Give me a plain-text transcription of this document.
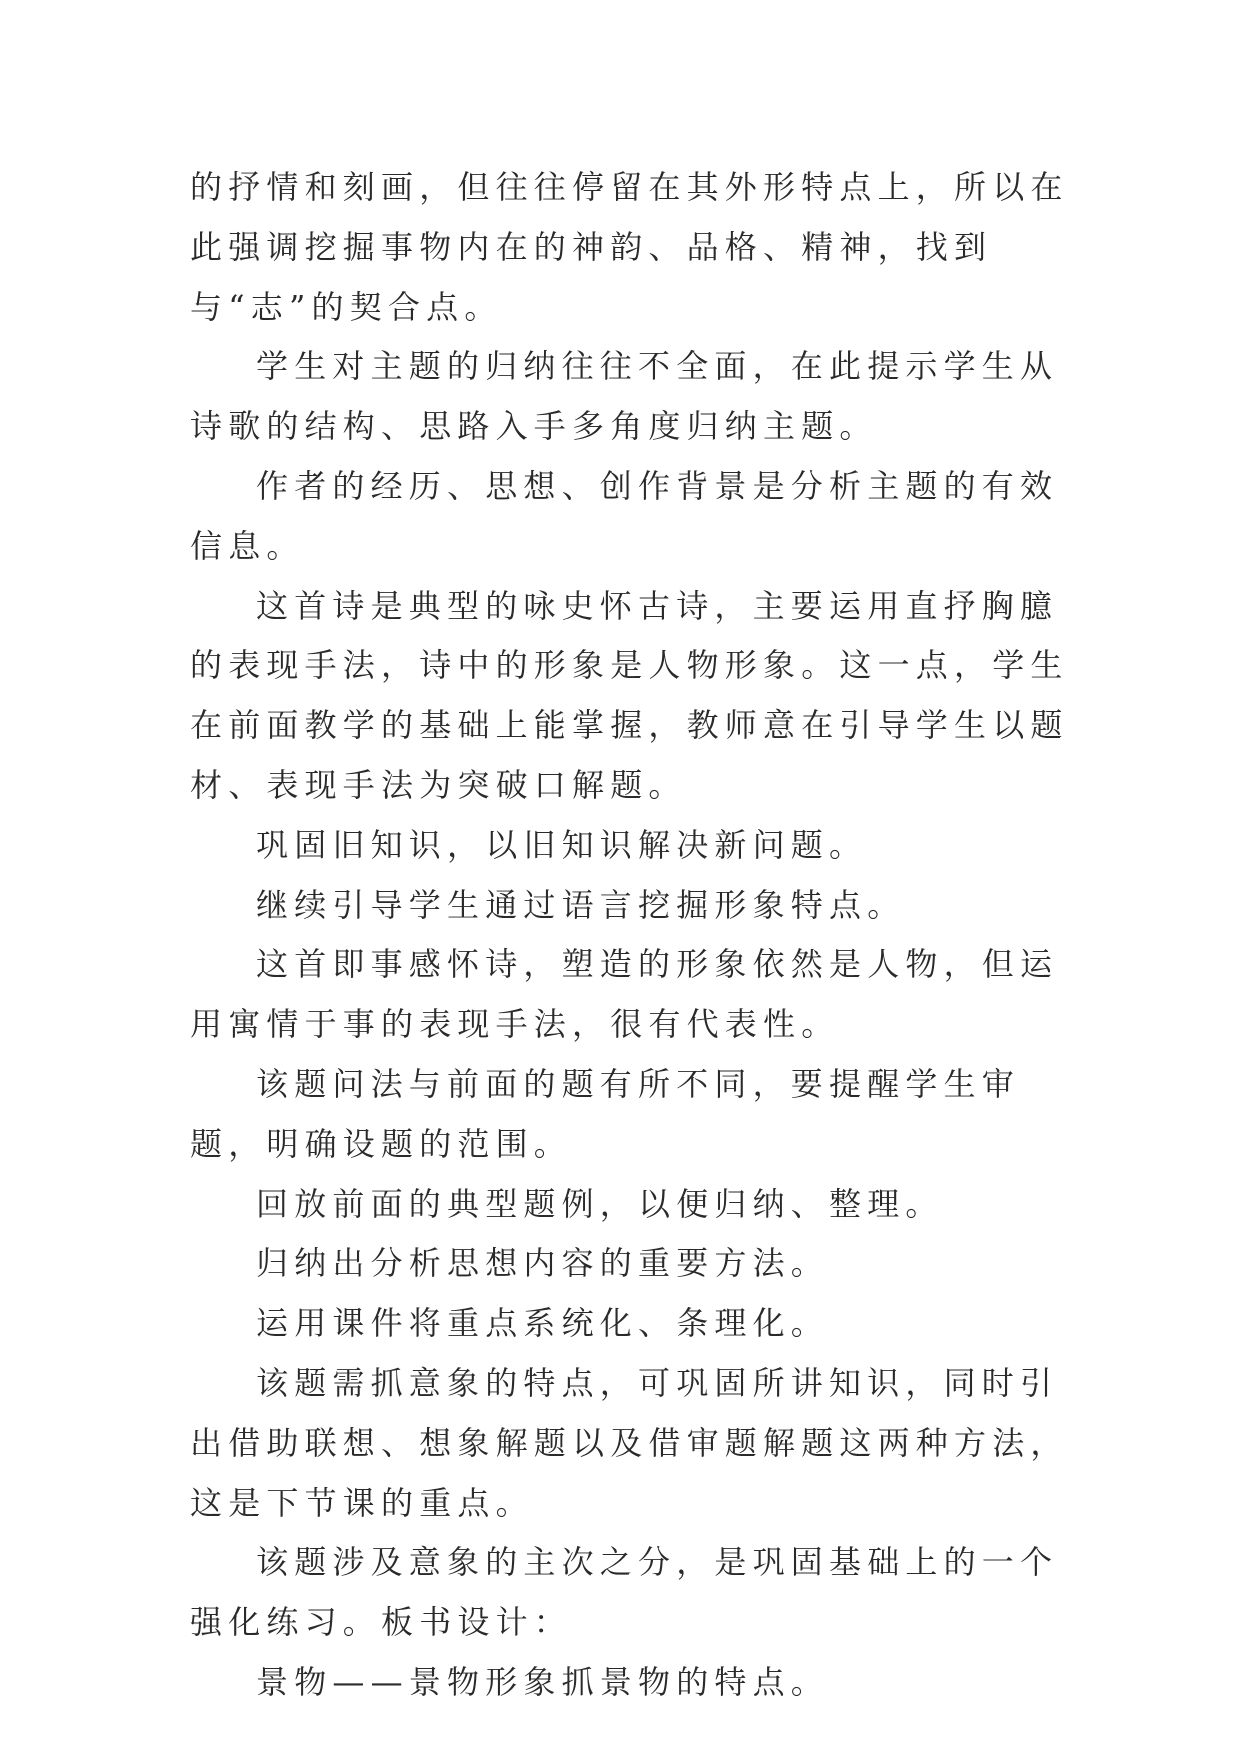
的抒情和刻画，但往往停留在其外形特点上，所以在此强调挖掘事物内在的神韵、品格、精神，找到与“志”的契合点。

学生对主题的归纳往往不全面，在此提示学生从诗歌的结构、思路入手多角度归纳主题。

作者的经历、思想、创作背景是分析主题的有效信息。

这首诗是典型的咏史怀古诗，主要运用直抒胸臆的表现手法，诗中的形象是人物形象。这一点，学生在前面教学的基础上能掌握，教师意在引导学生以题材、表现手法为突破口解题。

巩固旧知识，以旧知识解决新问题。

继续引导学生通过语言挖掘形象特点。

这首即事感怀诗，塑造的形象依然是人物，但运用寓情于事的表现手法，很有代表性。

该题问法与前面的题有所不同，要提醒学生审题，明确设题的范围。

回放前面的典型题例，以便归纳、整理。

归纳出分析思想内容的重要方法。

运用课件将重点系统化、条理化。

该题需抓意象的特点，可巩固所讲知识，同时引出借助联想、想象解题以及借审题解题这两种方法，这是下节课的重点。

该题涉及意象的主次之分，是巩固基础上的一个强化练习。板书设计：

景物——景物形象抓景物的特点。
